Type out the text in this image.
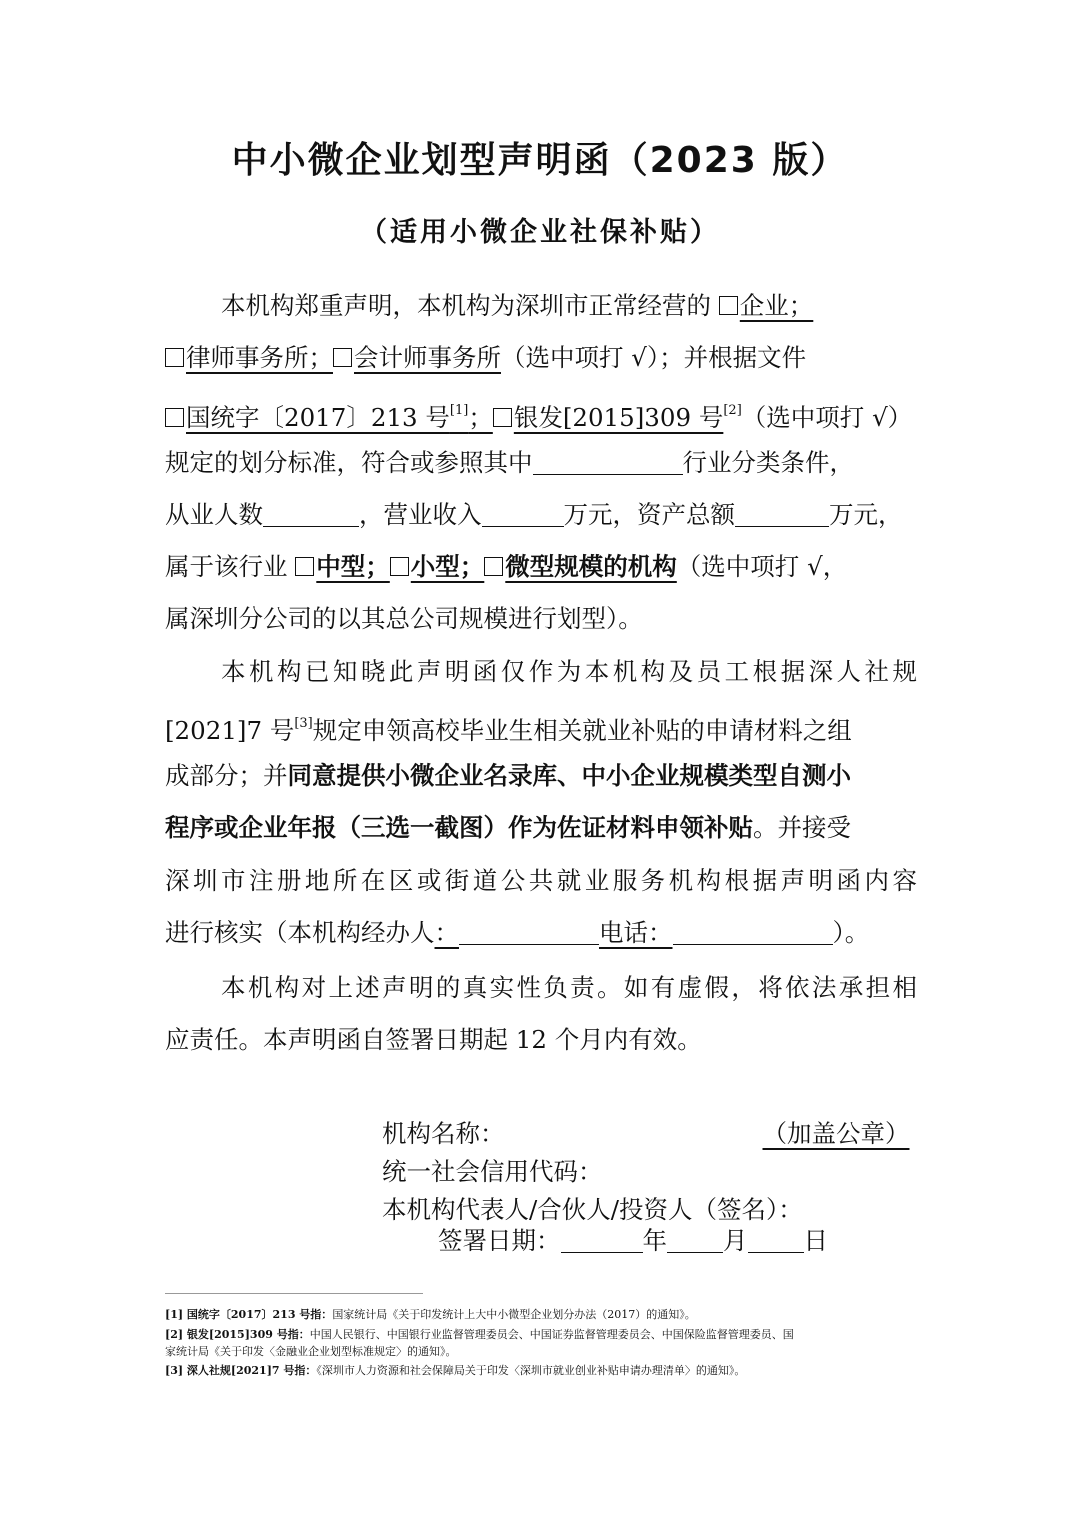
中小微企业划型声明函（2023 版）
（适用小微企业社保补贴）
本机构郑重声明，本机构为深圳市正常经营的 企业；
律师事务所； 会计师事务所（选中项打 √）；并根据文件
国统字〔2017〕213 号[1]； 银发[2015]309 号[2]（选中项打 √）
规定的划分标准，符合或参照其中	行业分类条件，
从业人数	，营业收入	万元，资产总额	万元，
属于该行业 中型； 小型； 微型规模的机构（选中项打 √，
属深圳分公司的以其总公司规模进行划型）。
本机构已知晓此声明函仅作为本机构及员工根据深人社规
[2021]7 号[3]规定申领高校毕业生相关就业补贴的申请材料之组
成部分；并同意提供小微企业名录库、中小企业规模类型自测小
程序或企业年报（三选一截图）作为佐证材料申领补贴。并接受
深圳市注册地所在区或街道公共就业服务机构根据声明函内容
进行核实（本机构经办人：	电话：	）。
本机构对上述声明的真实性负责。如有虚假，将依法承担相
应责任。本声明函自签署日期起 12 个月内有效。
机构名称：	（加盖公章）
统一社会信用代码：
本机构代表人/合伙人/投资人（签名）：
签署日期：	年 月 日
[1] 国统字〔2017〕213 号指：国家统计局《关于印发统计上大中小微型企业划分办法（2017）的通知》。
[2] 银发[2015]309 号指：中国人民银行、中国银行业监督管理委员会、中国证券监督管理委员会、中国保险监督管理委员、国
家统计局《关于印发〈金融业企业划型标准规定〉的通知》。
[3] 深人社规[2021]7 号指：《深圳市人力资源和社会保障局关于印发〈深圳市就业创业补贴申请办理清单〉的通知》。
